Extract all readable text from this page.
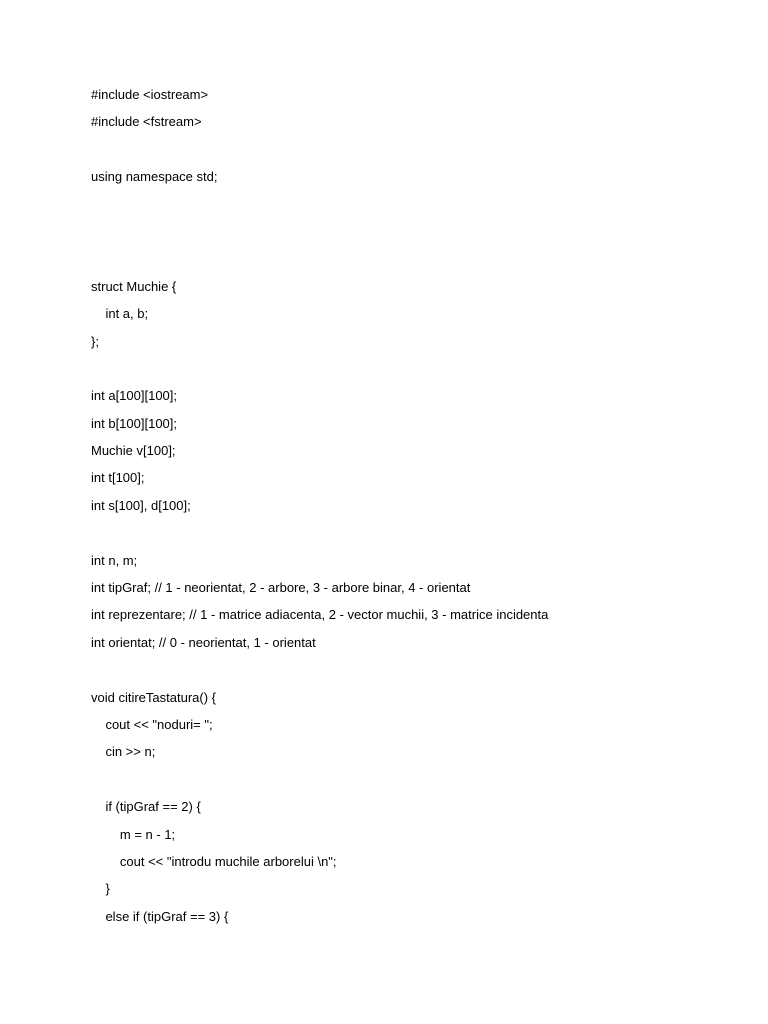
#include <iostream>
#include <fstream>
using namespace std;
struct Muchie {
int a, b;
};
int a[100][100];
int b[100][100];
Muchie v[100];
int t[100];
int s[100], d[100];
int n, m;
int tipGraf; // 1 - neorientat, 2 - arbore, 3 - arbore binar, 4 - orientat
int reprezentare; // 1 - matrice adiacenta, 2 - vector muchii, 3 - matrice incidenta
int orientat; // 0 - neorientat, 1 - orientat
void citireTastatura() {
cout << "noduri= ";
cin >> n;
if (tipGraf == 2) {
m = n - 1;
cout << "introdu muchile arborelui \n";
}
else if (tipGraf == 3) {
